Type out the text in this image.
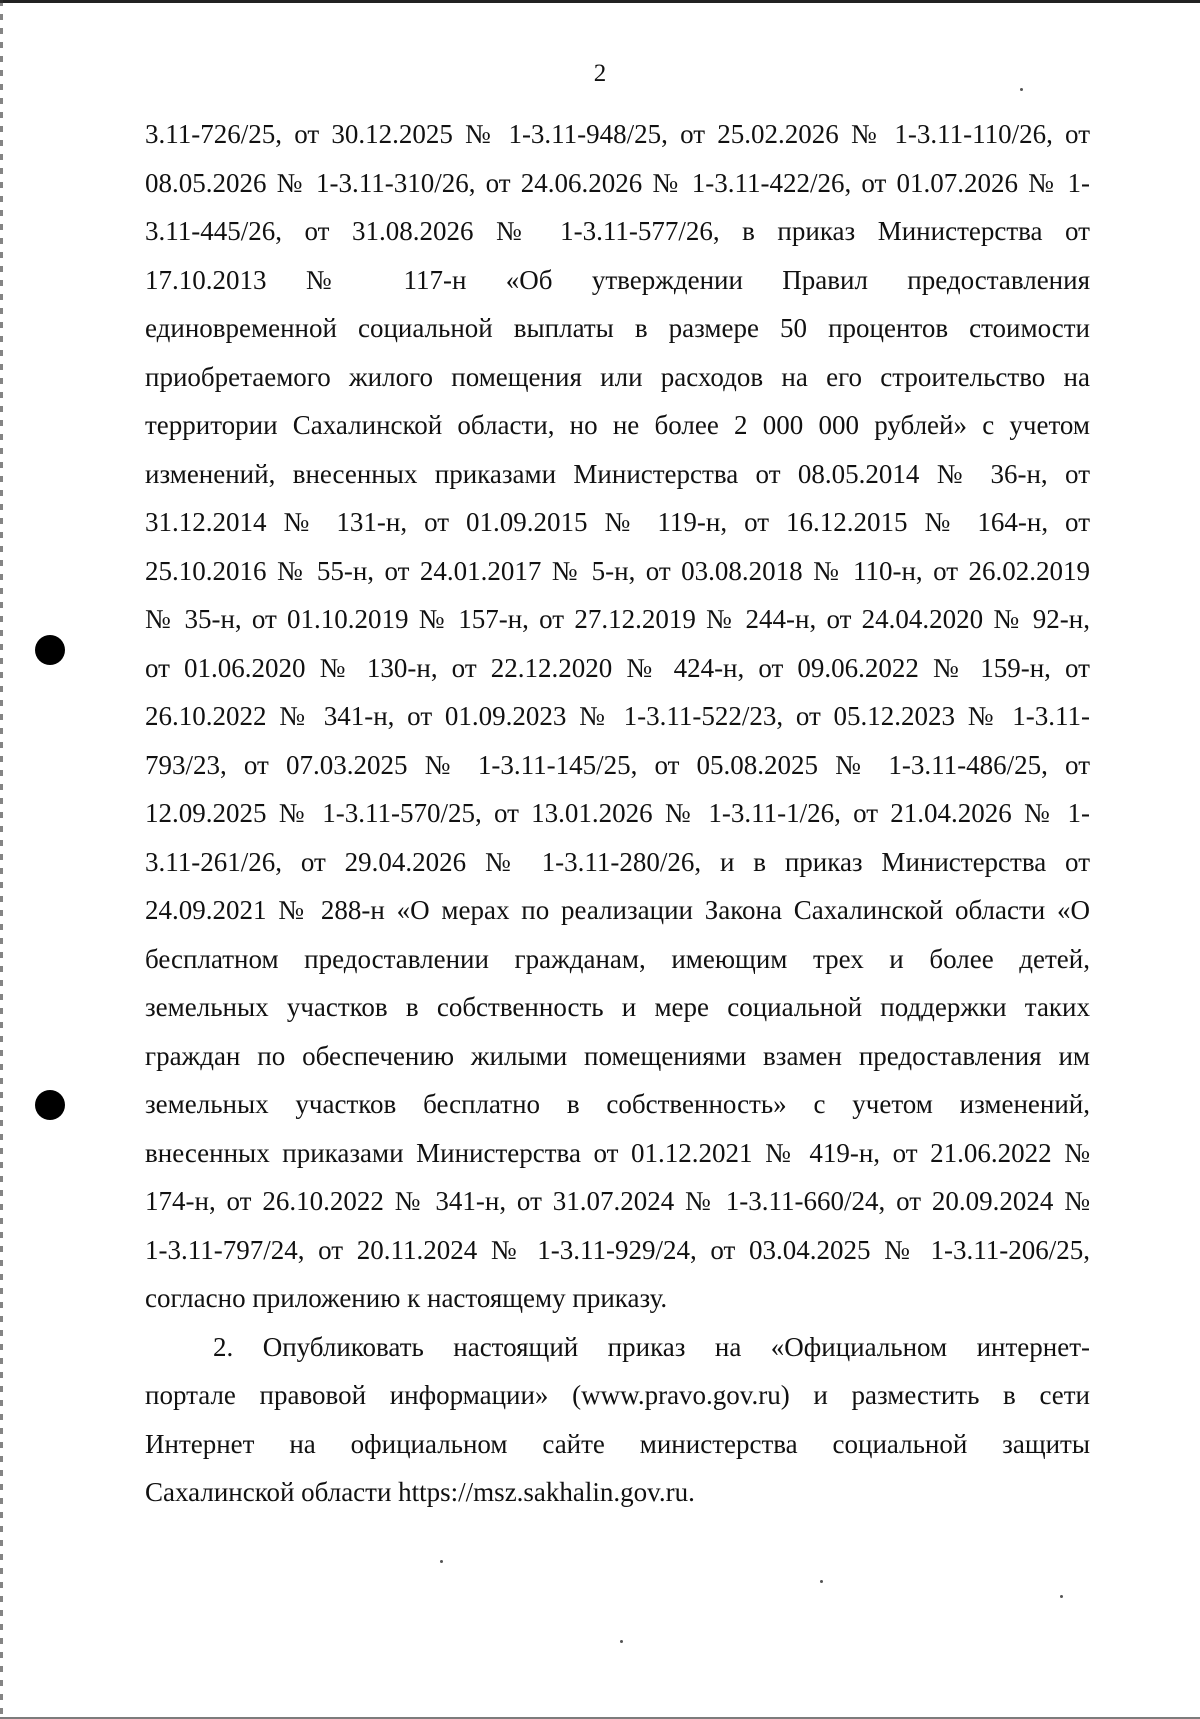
2
3.11-726/25, от 30.12.2025 № 1-3.11-948/25, от 25.02.2026 № 1-3.11-110/26, от
08.05.2026 № 1-3.11-310/26, от 24.06.2026 № 1-3.11-422/26, от 01.07.2026 № 1-
3.11-445/26, от 31.08.2026 № 1-3.11-577/26, в приказ Министерства от
17.10.2013 № 117-н «Об утверждении Правил предоставления
единовременной социальной выплаты в размере 50 процентов стоимости
приобретаемого жилого помещения или расходов на его строительство на
территории Сахалинской области, но не более 2 000 000 рублей» с учетом
изменений, внесенных приказами Министерства от 08.05.2014 № 36-н, от
31.12.2014 № 131-н, от 01.09.2015 № 119-н, от 16.12.2015 № 164-н, от
25.10.2016 № 55-н, от 24.01.2017 № 5-н, от 03.08.2018 № 110-н, от 26.02.2019
№ 35-н, от 01.10.2019 № 157-н, от 27.12.2019 № 244-н, от 24.04.2020 № 92-н,
от 01.06.2020 № 130-н, от 22.12.2020 № 424-н, от 09.06.2022 № 159-н, от
26.10.2022 № 341-н, от 01.09.2023 № 1-3.11-522/23, от 05.12.2023 № 1-3.11-
793/23, от 07.03.2025 № 1-3.11-145/25, от 05.08.2025 № 1-3.11-486/25, от
12.09.2025 № 1-3.11-570/25, от 13.01.2026 № 1-3.11-1/26, от 21.04.2026 № 1-
3.11-261/26, от 29.04.2026 № 1-3.11-280/26, и в приказ Министерства от
24.09.2021 № 288-н «О мерах по реализации Закона Сахалинской области «О
бесплатном предоставлении гражданам, имеющим трех и более детей,
земельных участков в собственность и мере социальной поддержки таких
граждан по обеспечению жилыми помещениями взамен предоставления им
земельных участков бесплатно в собственность» с учетом изменений,
внесенных приказами Министерства от 01.12.2021 № 419-н, от 21.06.2022 №
174-н, от 26.10.2022 № 341-н, от 31.07.2024 № 1-3.11-660/24, от 20.09.2024 №
1-3.11-797/24, от 20.11.2024 № 1-3.11-929/24, от 03.04.2025 № 1-3.11-206/25,
согласно приложению к настоящему приказу.
2. Опубликовать настоящий приказ на «Официальном интернет-
портале правовой информации» (www.pravo.gov.ru) и разместить в сети
Интернет на официальном сайте министерства социальной защиты
Сахалинской области https://msz.sakhalin.gov.ru.
